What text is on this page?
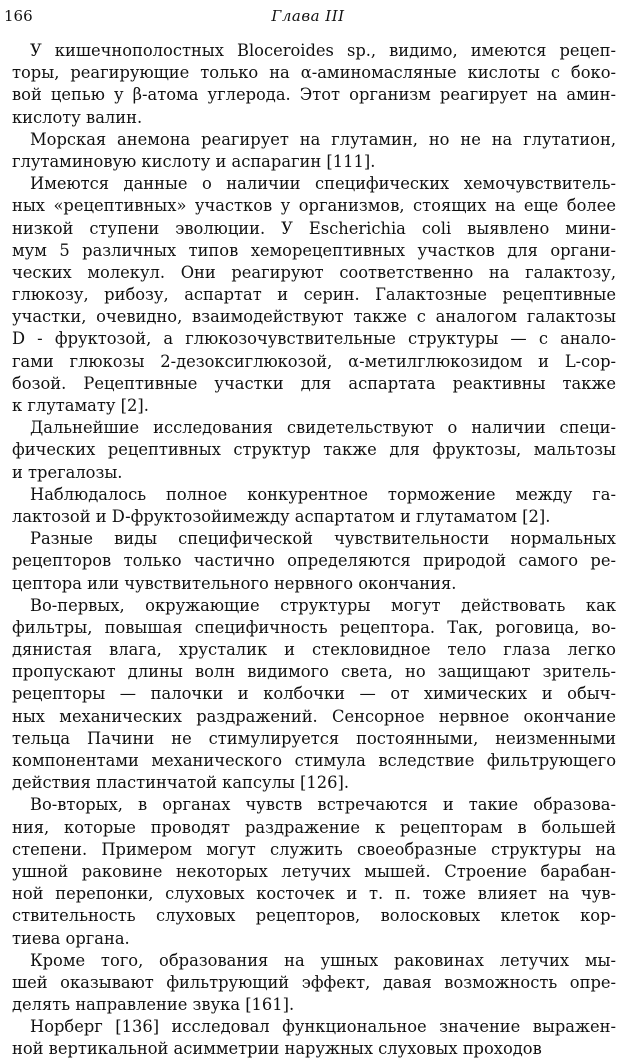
166	Глава III
У кишечнополостных Bloceroides sp., видимо, имеются рецеп-
торы, реагирующие только на α-аминомасляные кислоты с боко-
вой цепью у β-атома углерода. Этот организм реагирует на амин-
кислоту валин.
Морская анемона реагирует на глутамин, но не на глутатион,
глутаминовую кислоту и аспарагин [111].
Имеются данные о наличии специфических хемочувствитель-
ных «рецептивных» участков у организмов, стоящих на еще более
низкой ступени эволюции. У Escherichia coli выявлено мини-
мум 5 различных типов хеморецептивных участков для органи-
ческих молекул. Они реагируют соответственно на галактозу,
глюкозу, рибозу, аспартат и серин. Галактозные рецептивные
участки, очевидно, взаимодействуют также с аналогом галактозы
D - фруктозой, а глюкозочувствительные структуры — с анало-
гами глюкозы 2-дезоксиглюкозой, α-метилглюкозидом и L-сор-
бозой. Рецептивные участки для аспартата реактивны также
к глутамату [2].
Дальнейшие исследования свидетельствуют о наличии специ-
фических рецептивных структур также для фруктозы, мальтозы
и трегалозы.
Наблюдалось полное конкурентное торможение между га-
лактозой и D-фруктозойимежду аспартатом и глутаматом [2].
Разные виды специфической чувствительности нормальных
рецепторов только частично определяются природой самого ре-
цептора или чувствительного нервного окончания.
Во-первых, окружающие структуры могут действовать как
фильтры, повышая специфичность рецептора. Так, роговица, во-
дянистая влага, хрусталик и стекловидное тело глаза легко
пропускают длины волн видимого света, но защищают зритель-
рецепторы — палочки и колбочки — от химических и обыч-
ных механических раздражений. Сенсорное нервное окончание
тельца Пачини не стимулируется постоянными, неизменными
компонентами механического стимула вследствие фильтрующего
действия пластинчатой капсулы [126].
Во-вторых, в органах чувств встречаются и такие образова-
ния, которые проводят раздражение к рецепторам в большей
степени. Примером могут служить своеобразные структуры на
ушной раковине некоторых летучих мышей. Строение барабан-
ной перепонки, слуховых косточек и т. п. тоже влияет на чув-
ствительность слуховых рецепторов, волосковых клеток кор-
тиева органа.
Кроме того, образования на ушных раковинах летучих мы-
шей оказывают фильтрующий эффект, давая возможность опре-
делять направление звука [161].
Норберг [136] исследовал функциональное значение выражен-
ной вертикальной асимметрии наружных слуховых проходов
